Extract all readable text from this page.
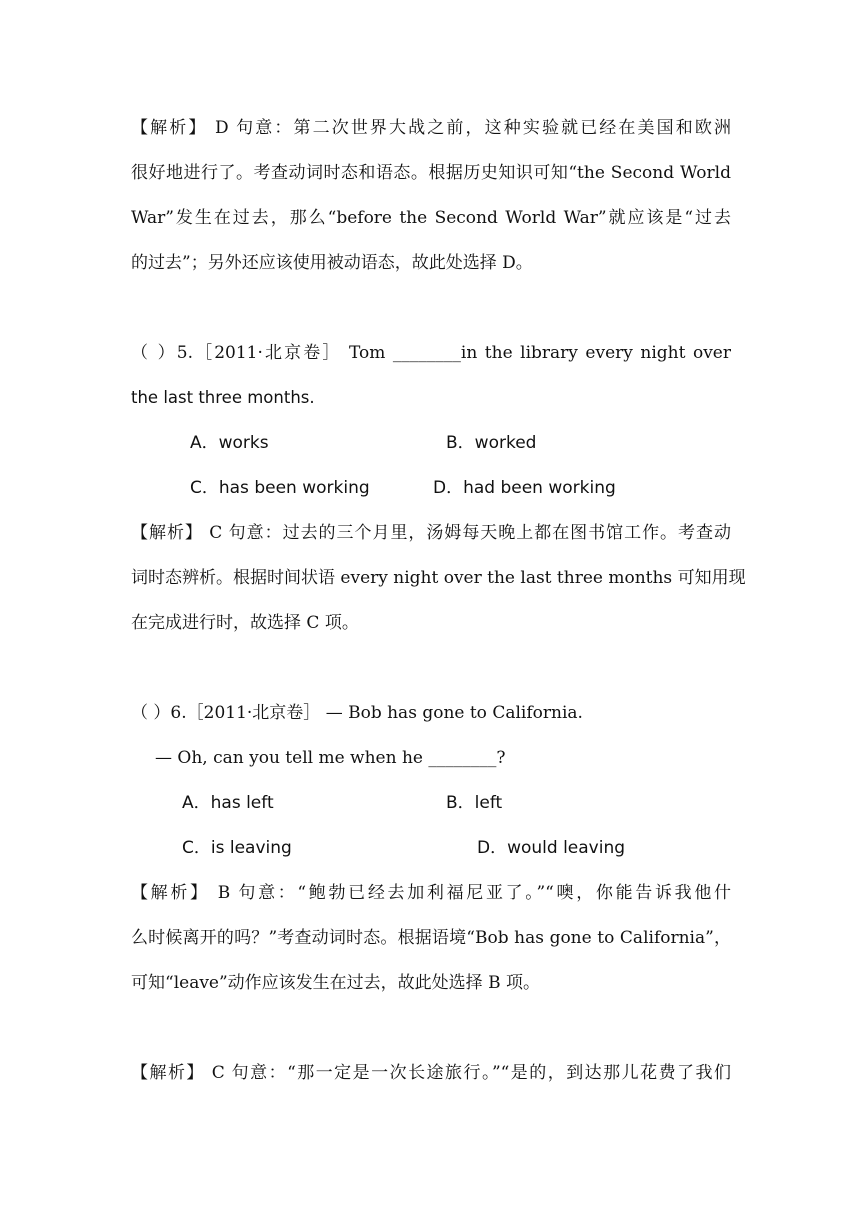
【解析】 D 句意：第二次世界大战之前，这种实验就已经在美国和欧洲
很好地进行了。考查动词时态和语态。根据历史知识可知“the Second World
War”发生在过去，那么“before the Second World War”就应该是“过去
的过去”；另外还应该使用被动语态，故此处选择 D。
（ ）5.［2011·北京卷］ Tom ________in the library every night over
the last three months.
A．works	B．worked
C．has been working	D．had been working
【解析】 C 句意：过去的三个月里，汤姆每天晚上都在图书馆工作。考查动
词时态辨析。根据时间状语 every night over the last three months 可知用现
在完成进行时，故选择 C 项。
（ ）6.［2011·北京卷］ — Bob has gone to California.
— Oh, can you tell me when he ________?
A．has left	B．left
C．is leaving	D．would leaving
【解析】 B 句意：“鲍勃已经去加利福尼亚了。”“噢，你能告诉我他什
么时候离开的吗？”考查动词时态。根据语境“Bob has gone to California”，
可知“leave”动作应该发生在过去，故此处选择 B 项。
【解析】 C 句意：“那一定是一次长途旅行。”“是的，到达那儿花费了我们
